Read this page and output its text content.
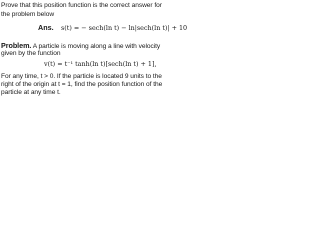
Prove that this position function is the correct answer for
the problem below
Ans. s(t) = − sech(ln t) − ln|sech(ln t)| + 10
Problem. A particle is moving along a line with velocity
given by the function
v(t) = t⁻¹ tanh(ln t)[sech(ln t) + 1],
For any time, t > 0. If the particle is located 9 units to the
right of the origin at t = 1, find the position function of the
particle at any time t.
